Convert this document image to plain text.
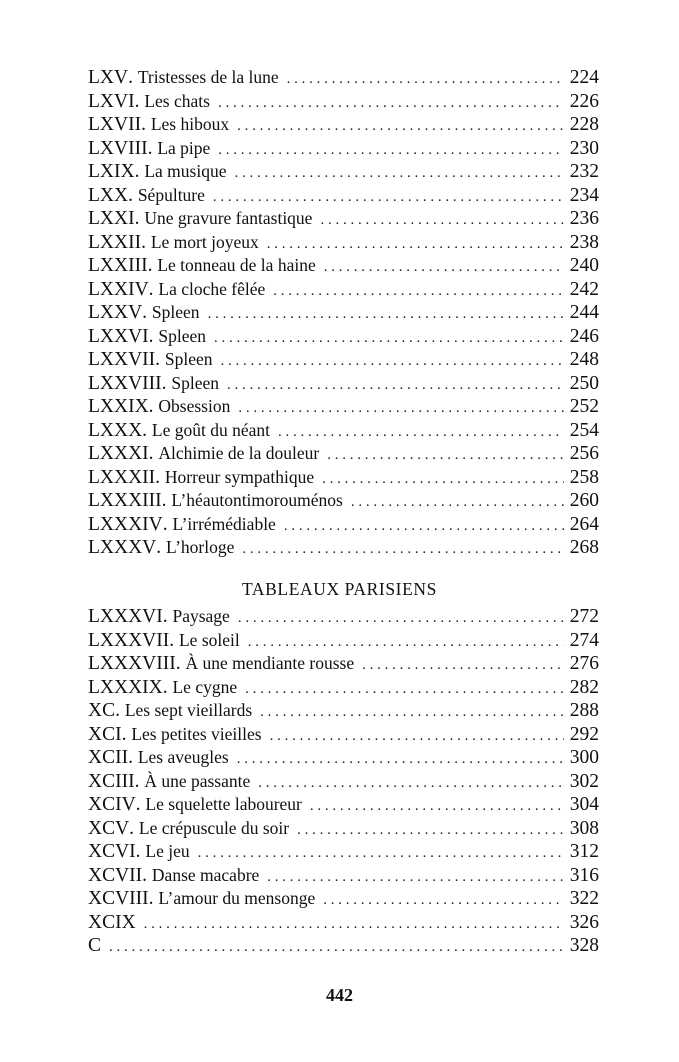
LXV . Tristesses de la lune . . .	224
LXVI . Les chats . . .	226
LXVII . Les hiboux . . .	228
LXVIII . La pipe . . .	230
LXIX . La musique . . .	232
LXX . Sépulture . . .	234
LXXI . Une gravure fantastique . . .	236
LXXII . Le mort joyeux . . .	238
LXXIII . Le tonneau de la haine . . .	240
LXXIV . La cloche fêlée . . .	242
LXXV . Spleen . . .	244
LXXVI . Spleen . . .	246
LXXVII . Spleen . . .	248
LXXVIII . Spleen . . .	250
LXXIX . Obsession . . .	252
LXXX . Le goût du néant . . .	254
LXXXI . Alchimie de la douleur . . .	256
LXXXII . Horreur sympathique . . .	258
LXXXIII . L’héautontimorouménos . . .	260
LXXXIV . L’irrémédiable . . .	264
LXXXV . L’horloge . . .	268
TABLEAUX PARISIENS
LXXXVI . Paysage . . .	272
LXXXVII . Le soleil . . .	274
LXXXVIII . À une mendiante rousse . . .	276
LXXXIX . Le cygne . . .	282
XC . Les sept vieillards . . .	288
XCI . Les petites vieilles . . .	292
XCII . Les aveugles . . .	300
XCIII . À une passante . . .	302
XCIV . Le squelette laboureur . . .	304
XCV . Le crépuscule du soir . . .	308
XCVI . Le jeu . . .	312
XCVII . Danse macabre . . .	316
XCVIII . L’amour du mensonge . . .	322
XCIX . . .	326
C . . .	328
442
